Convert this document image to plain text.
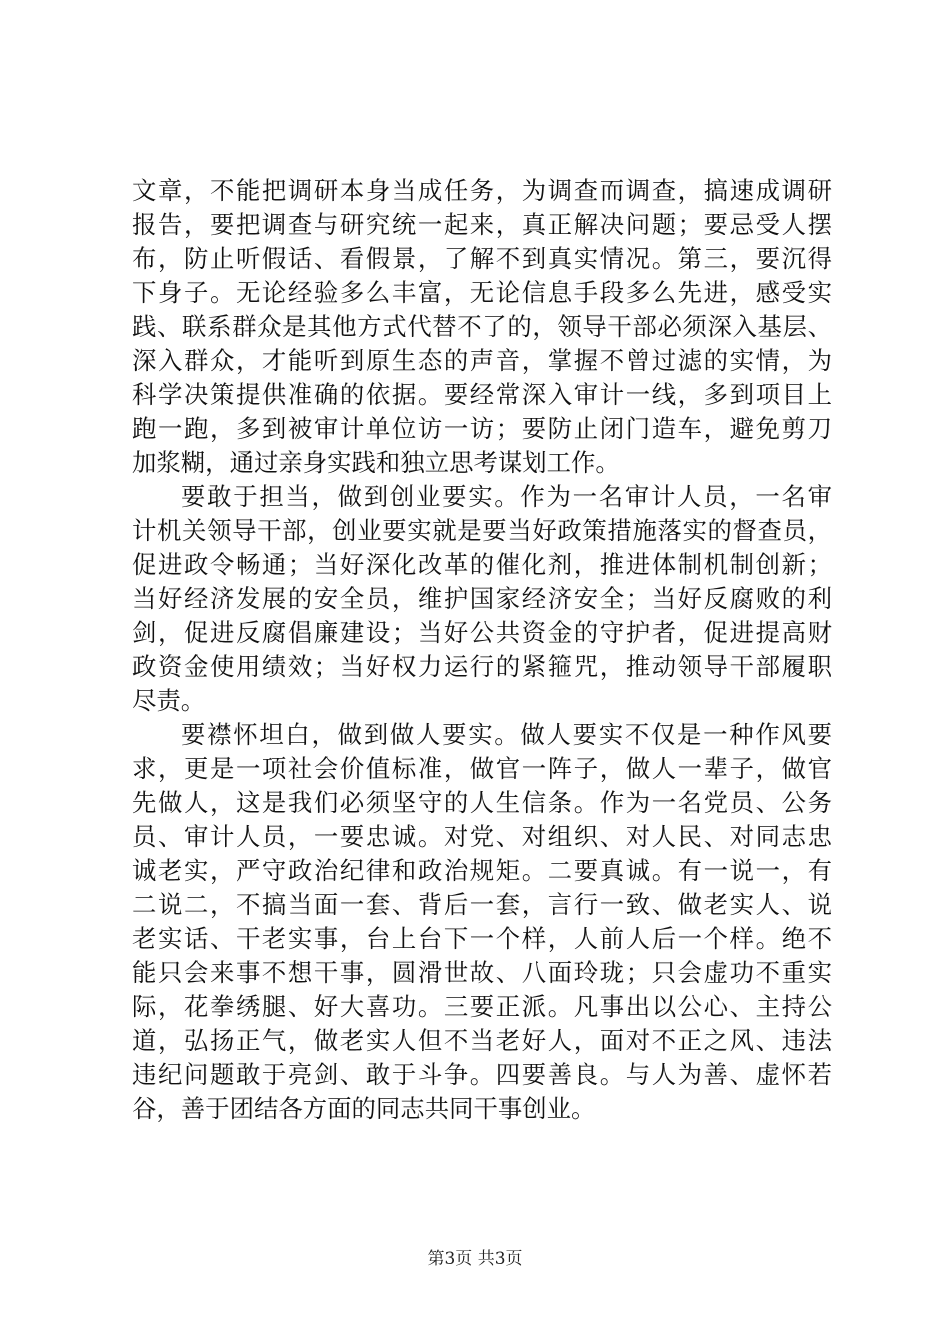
文章，不能把调研本身当成任务，为调查而调查，搞速成调研
报告，要把调查与研究统一起来，真正解决问题；要忌受人摆
布，防止听假话、看假景，了解不到真实情况。第三，要沉得
下身子。无论经验多么丰富，无论信息手段多么先进，感受实
践、联系群众是其他方式代替不了的，领导干部必须深入基层、
深入群众，才能听到原生态的声音，掌握不曾过滤的实情，为
科学决策提供准确的依据。要经常深入审计一线，多到项目上
跑一跑，多到被审计单位访一访；要防止闭门造车，避免剪刀
加浆糊，通过亲身实践和独立思考谋划工作。
要敢于担当，做到创业要实。作为一名审计人员，一名审
计机关领导干部，创业要实就是要当好政策措施落实的督查员，
促进政令畅通；当好深化改革的催化剂，推进体制机制创新；
当好经济发展的安全员，维护国家经济安全；当好反腐败的利
剑，促进反腐倡廉建设；当好公共资金的守护者，促进提高财
政资金使用绩效；当好权力运行的紧箍咒，推动领导干部履职
尽责。
要襟怀坦白，做到做人要实。做人要实不仅是一种作风要
求，更是一项社会价值标准，做官一阵子，做人一辈子，做官
先做人，这是我们必须坚守的人生信条。作为一名党员、公务
员、审计人员，一要忠诚。对党、对组织、对人民、对同志忠
诚老实，严守政治纪律和政治规矩。二要真诚。有一说一，有
二说二，不搞当面一套、背后一套，言行一致、做老实人、说
老实话、干老实事，台上台下一个样，人前人后一个样。绝不
能只会来事不想干事，圆滑世故、八面玲珑；只会虚功不重实
际，花拳绣腿、好大喜功。三要正派。凡事出以公心、主持公
道，弘扬正气，做老实人但不当老好人，面对不正之风、违法
违纪问题敢于亮剑、敢于斗争。四要善良。与人为善、虚怀若
谷，善于团结各方面的同志共同干事创业。
第3页 共3页
